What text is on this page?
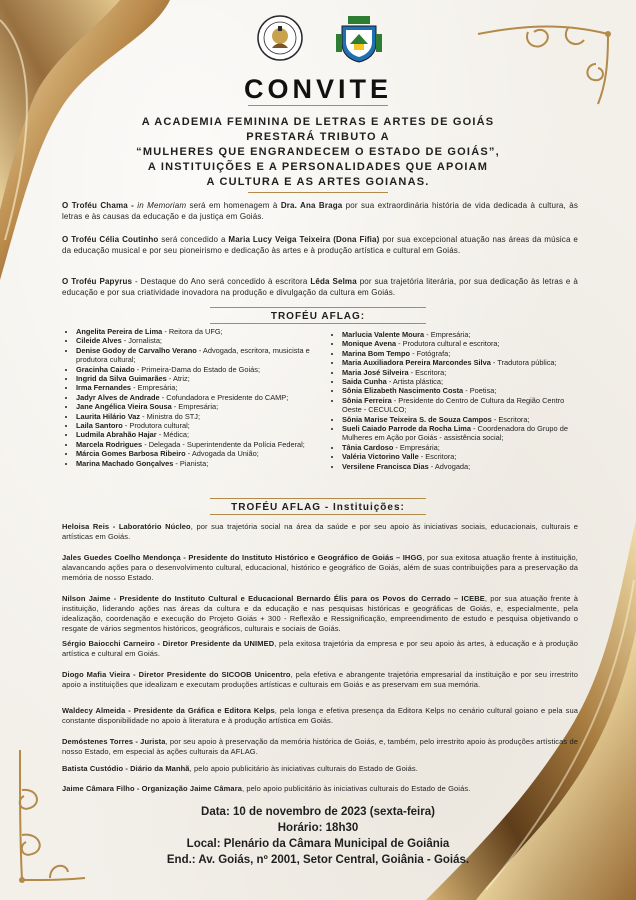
CONVITE
A ACADEMIA FEMININA DE LETRAS E ARTES DE GOIÁS
PRESTARÁ TRIBUTO A
“MULHERES QUE ENGRANDECEM O ESTADO DE GOIÁS”,
A INSTITUIÇÕES E A PERSONALIDADES QUE APOIAM
A CULTURA E AS ARTES GOIANAS.
O Troféu Chama - in Memoriam será em homenagem à Dra. Ana Braga por sua extraordinária história de vida dedicada à cultura, às letras e às causas da educação e da justiça em Goiás.
O Troféu Célia Coutinho será concedido a Maria Lucy Veiga Teixeira (Dona Fifia) por sua excepcional atuação nas áreas da música e da educação musical e por seu pioneirismo e dedicação às artes e à produção artística e cultural em Goiás.
O Troféu Papyrus - Destaque do Ano será concedido à escritora Lêda Selma por sua trajetória literária, por sua dedicação às letras e à educação e por sua criatividade inovadora na produção e divulgação da cultura em Goiás.
TROFÉU AFLAG:
• Angelita Pereira de Lima - Reitora da UFG;
• Cileide Alves - Jornalista;
• Denise Godoy de Carvalho Verano - Advogada, escritora, musicista e produtora cultural;
• Gracinha Caiado - Primeira-Dama do Estado de Goiás;
• Ingrid da Silva Guimarães - Atriz;
• Irma Fernandes - Empresária;
• Jadyr Alves de Andrade - Cofundadora e Presidente do CAMP;
• Jane Angélica Vieira Sousa - Empresária;
• Laurita Hilário Vaz - Ministra do STJ;
• Laila Santoro - Produtora cultural;
• Ludmila Abrahão Hajar - Médica;
• Marcela Rodrigues - Delegada - Superintendente da Polícia Federal;
• Márcia Gomes Barbosa Ribeiro - Advogada da União;
• Marina Machado Gonçalves - Pianista;
• Marlucia Valente Moura - Empresária;
• Monique Avena - Produtora cultural e escritora;
• Marina Bom Tempo - Fotógrafa;
• Maria Auxiliadora Pereira Marcondes Silva - Tradutora pública;
• Maria José Silveira - Escritora;
• Saida Cunha - Artista plástica;
• Sônia Elizabeth Nascimento Costa - Poetisa;
• Sônia Ferreira - Presidente do Centro de Cultura da Região Centro Oeste - CECULCO;
• Sônia Marise Teixeira S. de Souza Campos - Escritora;
• Sueli Caiado Parrode da Rocha Lima - Coordenadora do Grupo de Mulheres em Ação por Goiás - assistência social;
• Tânia Cardoso - Empresária;
• Valéria Victorino Valle - Escritora;
• Versilene Francisca Dias - Advogada;
TROFÉU AFLAG - Instituições:
Heloisa Reis - Laboratório Núcleo, por sua trajetória social na área da saúde e por seu apoio às iniciativas sociais, educacionais, culturais e artísticas em Goiás.
Jales Guedes Coelho Mendonça - Presidente do Instituto Histórico e Geográfico de Goiás – IHGG, por sua exitosa atuação frente à instituição, alavancando ações para o desenvolvimento cultural, educacional, histórico e geográfico de Goiás, além de suas contribuições para a preservação da memória de nosso Estado.
Nilson Jaime - Presidente do Instituto Cultural e Educacional Bernardo Élis para os Povos do Cerrado – ICEBE, por sua atuação frente à instituição, liderando ações nas áreas da cultura e da educação e nas pesquisas históricas e geográficas de Goiás, e, especialmente, pela idealização, coordenação e execução do Projeto Goiás + 300 - Reflexão e Ressignificação, empreendimento de estudo e pesquisa objetivando o resgate de vários segmentos históricos, geográficos, culturais e sociais de Goiás.
Sérgio Baiocchi Carneiro - Diretor Presidente da UNIMED, pela exitosa trajetória da empresa e por seu apoio às artes, à educação e à produção artística e cultural em Goiás.
Diogo Mafia Vieira - Diretor Presidente do SICOOB Unicentro, pela efetiva e abrangente trajetória empresarial da instituição e por seu irrestrito apoio a instituições que idealizam e executam produções artísticas e culturais em Goiás e as preservam em sua memória.
Waldecy Almeida - Presidente da Gráfica e Editora Kelps, pela longa e efetiva presença da Editora Kelps no cenário cultural goiano e pela sua constante disponibilidade no apoio à literatura e à produção artística em Goiás.
Demóstenes Torres - Jurista, por seu apoio à preservação da memória histórica de Goiás, e, também, pelo irrestrito apoio às produções artísticas de nosso Estado, em especial às ações culturais da AFLAG.
Batista Custódio - Diário da Manhã, pelo apoio publicitário às iniciativas culturais do Estado de Goiás.
Jaime Câmara Filho - Organização Jaime Câmara, pelo apoio publicitário às iniciativas culturais do Estado de Goiás.
Data: 10 de novembro de 2023 (sexta-feira)
Horário: 18h30
Local: Plenário da Câmara Municipal de Goiânia
End.: Av. Goiás, nº 2001, Setor Central, Goiânia - Goiás.
